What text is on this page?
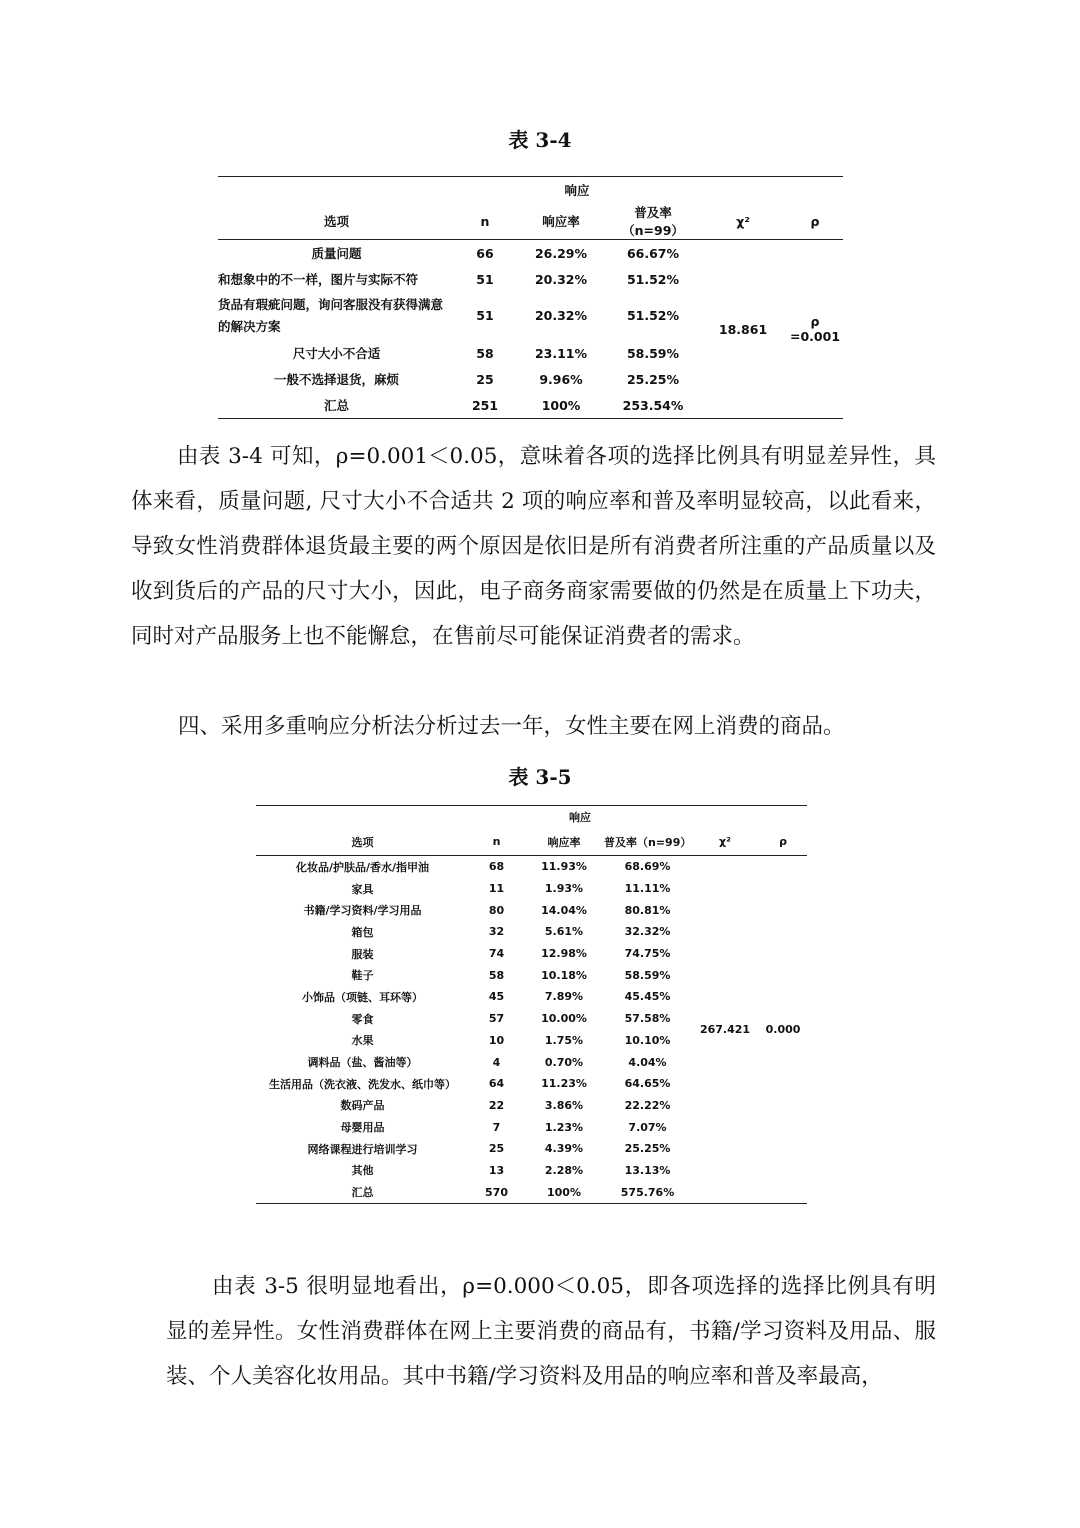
表 3-4
	响应				
选项	n	响应率	普及率（n=99）	χ²	ρ
质量问题	66	26.29%	66.67%	18.861	ρ =0.001
和想象中的不一样，图片与实际不符	51	20.32%	51.52%		
货品有瑕疵问题，询问客服没有获得满意的解决方案	51	20.32%	51.52%		
尺寸大小不合适	58	23.11%	58.59%		
一般不选择退货，麻烦	25	9.96%	25.25%		
汇总	251	100%	253.54%		

由表 3-4 可知，ρ=0.001＜0.05，意味着各项的选择比例具有明显差异性，具体来看，质量问题, 尺寸大小不合适共 2 项的响应率和普及率明显较高，以此看来，导致女性消费群体退货最主要的两个原因是依旧是所有消费者所注重的产品质量以及收到货后的产品的尺寸大小，因此，电子商务商家需要做的仍然是在质量上下功夫，同时对产品服务上也不能懈怠，在售前尽可能保证消费者的需求。

四、采用多重响应分析法分析过去一年，女性主要在网上消费的商品。
表 3-5
	响应				
选项	n	响应率	普及率（n=99）	χ²	ρ
化妆品/护肤品/香水/指甲油	68	11.93%	68.69%	267.421	0.000
家具	11	1.93%	11.11%		
书籍/学习资料/学习用品	80	14.04%	80.81%		
箱包	32	5.61%	32.32%		
服装	74	12.98%	74.75%		
鞋子	58	10.18%	58.59%		
小饰品（项链、耳环等）	45	7.89%	45.45%		
零食	57	10.00%	57.58%		
水果	10	1.75%	10.10%		
调料品（盐、酱油等）	4	0.70%	4.04%		
生活用品（洗衣液、洗发水、纸巾等）	64	11.23%	64.65%		
数码产品	22	3.86%	22.22%		
母婴用品	7	1.23%	7.07%		
网络课程进行培训学习	25	4.39%	25.25%		
其他	13	2.28%	13.13%		
汇总	570	100%	575.76%		

由表 3-5 很明显地看出，ρ=0.000＜0.05，即各项选择的选择比例具有明显的差异性。女性消费群体在网上主要消费的商品有，书籍/学习资料及用品、服装、个人美容化妆用品。其中书籍/学习资料及用品的响应率和普及率最高，
